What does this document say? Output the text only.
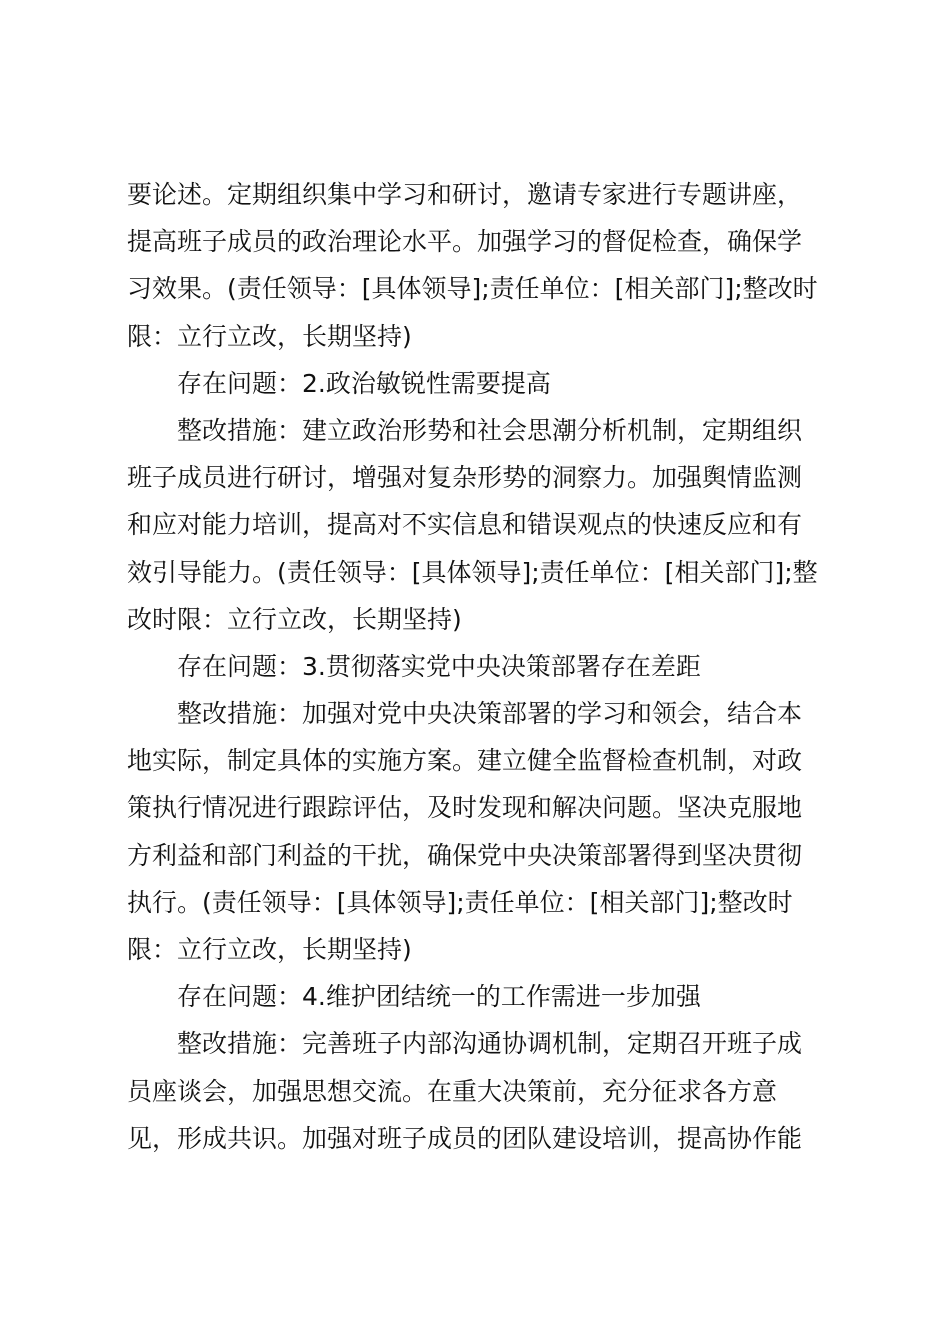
要论述。定期组织集中学习和研讨，邀请专家进行专题讲座，
提高班子成员的政治理论水平。加强学习的督促检查，确保学
习效果。(责任领导：[具体领导];责任单位：[相关部门];整改时
限：立行立改，长期坚持)
存在问题：2.政治敏锐性需要提高
整改措施：建立政治形势和社会思潮分析机制，定期组织
班子成员进行研讨，增强对复杂形势的洞察力。加强舆情监测
和应对能力培训，提高对不实信息和错误观点的快速反应和有
效引导能力。(责任领导：[具体领导];责任单位：[相关部门];整
改时限：立行立改，长期坚持)
存在问题：3.贯彻落实党中央决策部署存在差距
整改措施：加强对党中央决策部署的学习和领会，结合本
地实际，制定具体的实施方案。建立健全监督检查机制，对政
策执行情况进行跟踪评估，及时发现和解决问题。坚决克服地
方利益和部门利益的干扰，确保党中央决策部署得到坚决贯彻
执行。(责任领导：[具体领导];责任单位：[相关部门];整改时
限：立行立改，长期坚持)
存在问题：4.维护团结统一的工作需进一步加强
整改措施：完善班子内部沟通协调机制，定期召开班子成
员座谈会，加强思想交流。在重大决策前，充分征求各方意
见，形成共识。加强对班子成员的团队建设培训，提高协作能
